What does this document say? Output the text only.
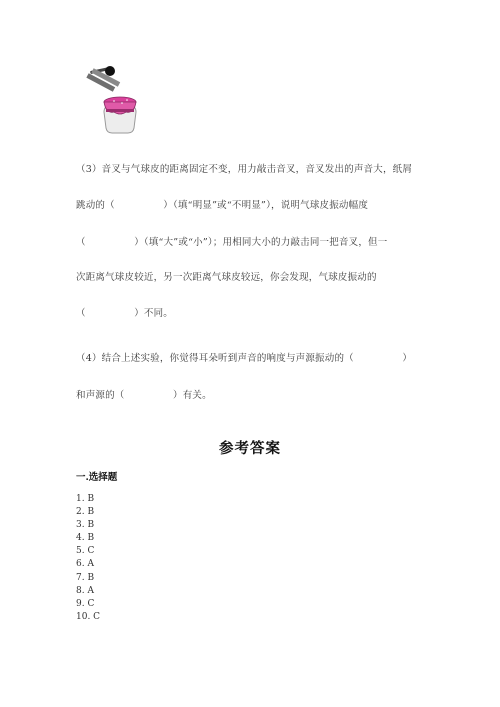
（3）音叉与气球皮的距离固定不变，用力敲击音叉，音叉发出的声音大，纸屑
跳动的（　　　　　）（填“明显”或“不明显”），说明气球皮振动幅度
（　　　　　）（填“大”或“小”）；用相同大小的力敲击同一把音叉，但一
次距离气球皮较近，另一次距离气球皮较远，你会发现，气球皮振动的
（　　　　　）不同。
（4）结合上述实验，你觉得耳朵听到声音的响度与声源振动的（　　　　　）
和声源的（　　　　　）有关。
参考答案
一.选择题
1. B
2. B
3. B
4. B
5. C
6. A
7. B
8. A
9. C
10. C
